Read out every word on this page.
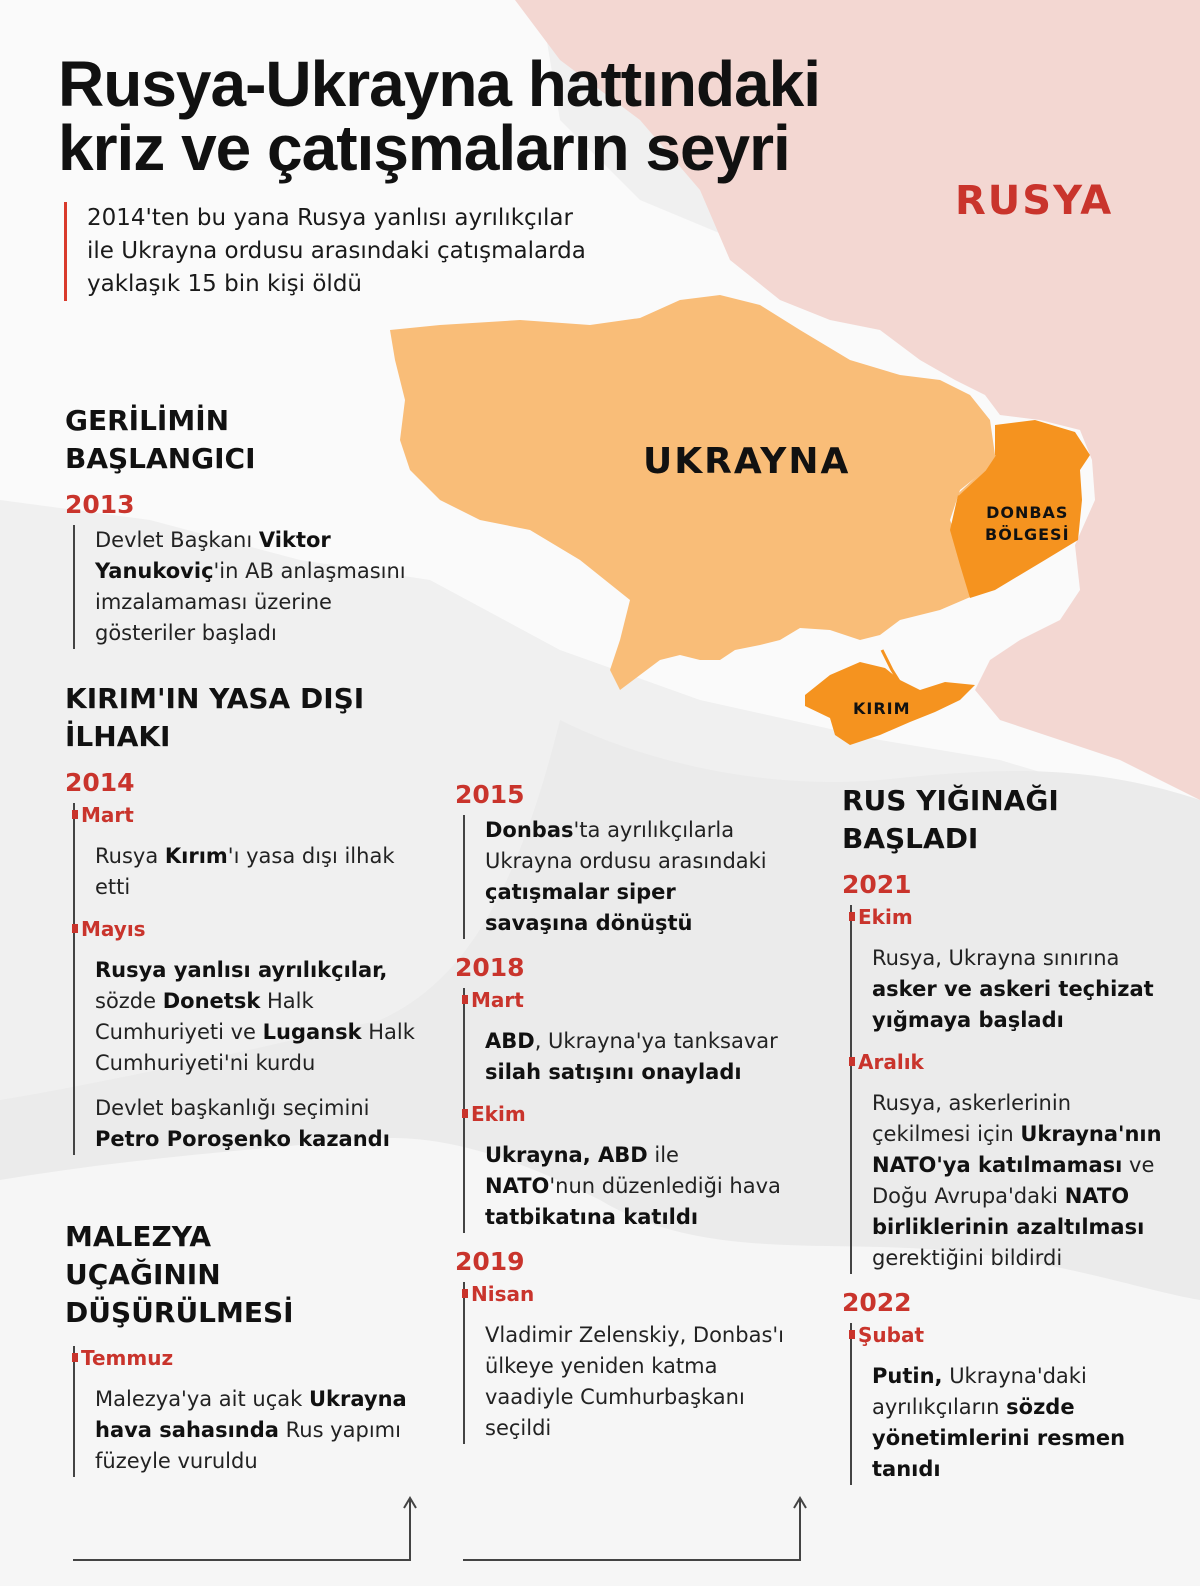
RUSYA
UKRAYNA
DONBAS
BÖLGESİ
KIRIM
Rusya-Ukrayna hattındaki
kriz ve çatışmaların seyri
2014'ten bu yana Rusya yanlısı ayrılıkçılar
ile Ukrayna ordusu arasındaki çatışmalarda
yaklaşık 15 bin kişi öldü
GERİLİMİN
BAŞLANGICI
2013
Devlet Başkanı Viktor Yanukoviç'in AB anlaşmasını imzalamaması üzerine gösteriler başladı
KIRIM'IN YASA DIŞI
İLHAKI
2014
Mart
Rusya Kırım'ı yasa dışı ilhak etti
Mayıs
Rusya yanlısı ayrılıkçılar, sözde Donetsk Halk Cumhuriyeti ve Lugansk Halk Cumhuriyeti'ni kurdu
Devlet başkanlığı seçimini Petro Poroşenko kazandı
MALEZYA
UÇAĞININ
DÜŞÜRÜLMESİ
Temmuz
Malezya'ya ait uçak Ukrayna hava sahasında Rus yapımı füzeyle vuruldu
2015
Donbas'ta ayrılıkçılarla Ukrayna ordusu arasındaki çatışmalar siper savaşına dönüştü
2018
Mart
ABD, Ukrayna'ya tanksavar silah satışını onayladı
Ekim
Ukrayna, ABD ile NATO'nun düzenlediği hava tatbikatına katıldı
2019
Nisan
Vladimir Zelenskiy, Donbas'ı ülkeye yeniden katma vaadiyle Cumhurbaşkanı seçildi
RUS YIĞINAĞI
BAŞLADI
2021
Ekim
Rusya, Ukrayna sınırına asker ve askeri teçhizat yığmaya başladı
Aralık
Rusya, askerlerinin çekilmesi için Ukrayna'nın NATO'ya katılmaması ve Doğu Avrupa'daki NATO birliklerinin azaltılması gerektiğini bildirdi
2022
Şubat
Putin, Ukrayna'daki ayrılıkçıların sözde yönetimlerini resmen tanıdı
